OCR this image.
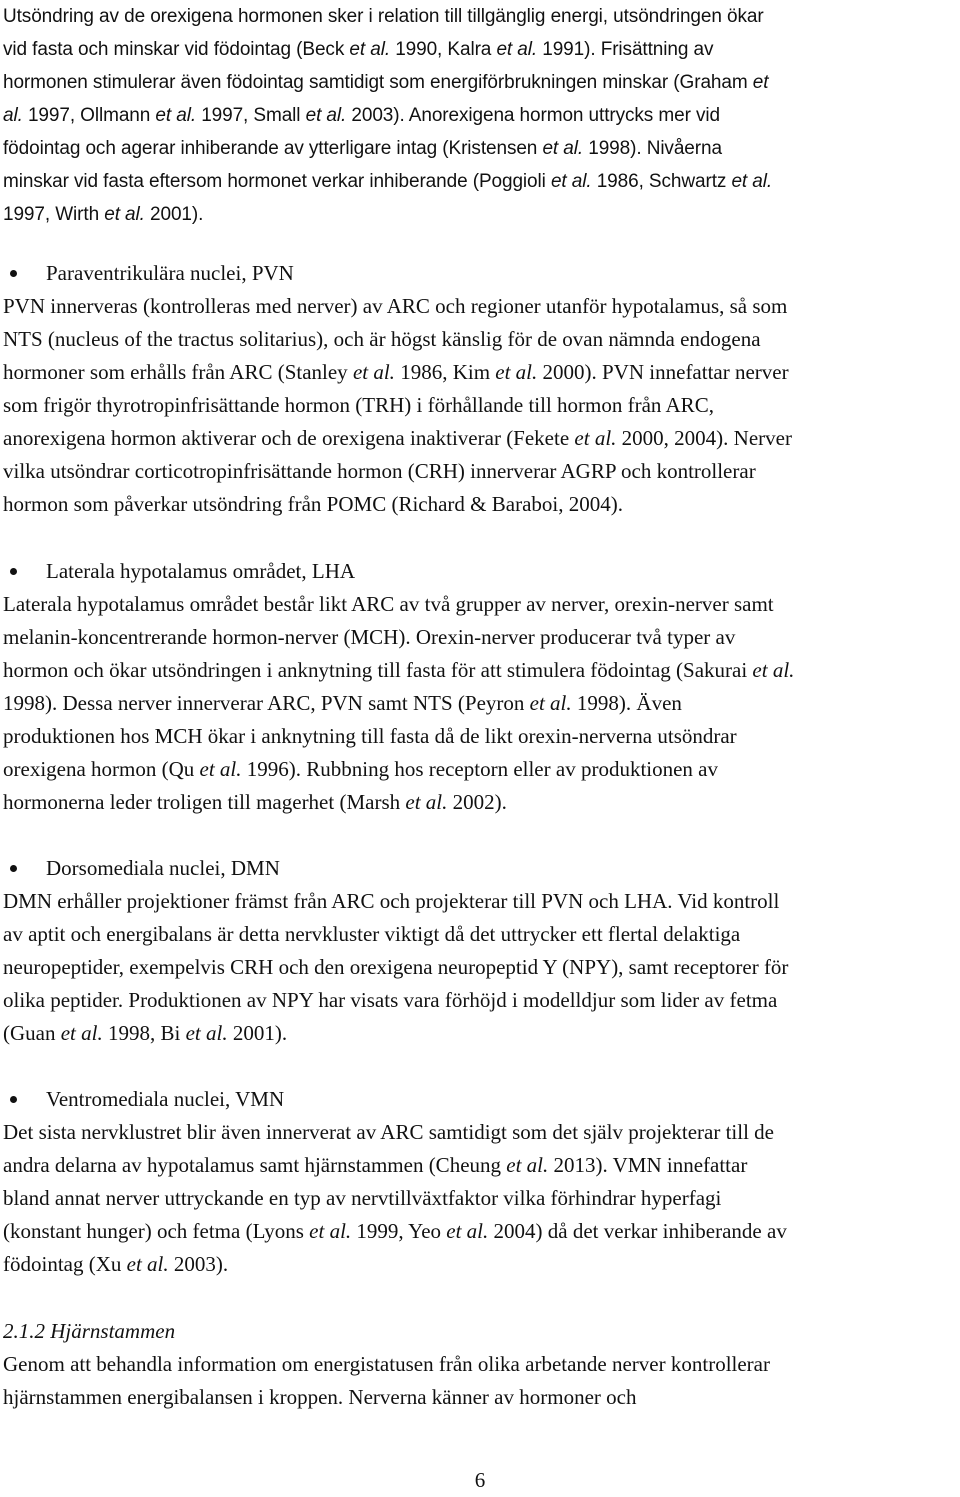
Utsöndring av de orexigena hormonen sker i relation till tillgänglig energi, utsöndringen ökar
vid fasta och minskar vid födointag (Beck et al. 1990, Kalra et al. 1991). Frisättning av
hormonen stimulerar även födointag samtidigt som energiförbrukningen minskar (Graham et
al. 1997, Ollmann et al. 1997, Small et al. 2003). Anorexigena hormon uttrycks mer vid
födointag och agerar inhiberande av ytterligare intag (Kristensen et al. 1998). Nivåerna
minskar vid fasta eftersom hormonet verkar inhiberande (Poggioli et al. 1986, Schwartz et al.
1997, Wirth et al. 2001).
Paraventrikulära nuclei, PVN
PVN innerveras (kontrolleras med nerver) av ARC och regioner utanför hypotalamus, så som
NTS (nucleus of the tractus solitarius), och är högst känslig för de ovan nämnda endogena
hormoner som erhålls från ARC (Stanley et al. 1986, Kim et al. 2000). PVN innefattar nerver
som frigör thyrotropinfrisättande hormon (TRH) i förhållande till hormon från ARC,
anorexigena hormon aktiverar och de orexigena inaktiverar (Fekete et al. 2000, 2004). Nerver
vilka utsöndrar corticotropinfrisättande hormon (CRH) innerverar AGRP och kontrollerar
hormon som påverkar utsöndring från POMC (Richard & Baraboi, 2004).
Laterala hypotalamus området, LHA
Laterala hypotalamus området består likt ARC av två grupper av nerver, orexin-nerver samt
melanin-koncentrerande hormon-nerver (MCH). Orexin-nerver producerar två typer av
hormon och ökar utsöndringen i anknytning till fasta för att stimulera födointag (Sakurai et al.
1998). Dessa nerver innerverar ARC, PVN samt NTS (Peyron et al. 1998). Även
produktionen hos MCH ökar i anknytning till fasta då de likt orexin-nerverna utsöndrar
orexigena hormon (Qu et al. 1996). Rubbning hos receptorn eller av produktionen av
hormonerna leder troligen till magerhet (Marsh et al. 2002).
Dorsomediala nuclei, DMN
DMN erhåller projektioner främst från ARC och projekterar till PVN och LHA. Vid kontroll
av aptit och energibalans är detta nervkluster viktigt då det uttrycker ett flertal delaktiga
neuropeptider, exempelvis CRH och den orexigena neuropeptid Y (NPY), samt receptorer för
olika peptider. Produktionen av NPY har visats vara förhöjd i modelldjur som lider av fetma
(Guan et al. 1998, Bi et al. 2001).
Ventromediala nuclei, VMN
Det sista nervklustret blir även innerverat av ARC samtidigt som det själv projekterar till de
andra delarna av hypotalamus samt hjärnstammen (Cheung et al. 2013). VMN innefattar
bland annat nerver uttryckande en typ av nervtillväxtfaktor vilka förhindrar hyperfagi
(konstant hunger) och fetma (Lyons et al. 1999, Yeo et al. 2004) då det verkar inhiberande av
födointag (Xu et al. 2003).
2.1.2 Hjärnstammen
Genom att behandla information om energistatusen från olika arbetande nerver kontrollerar
hjärnstammen energibalansen i kroppen. Nerverna känner av hormoner och
6
